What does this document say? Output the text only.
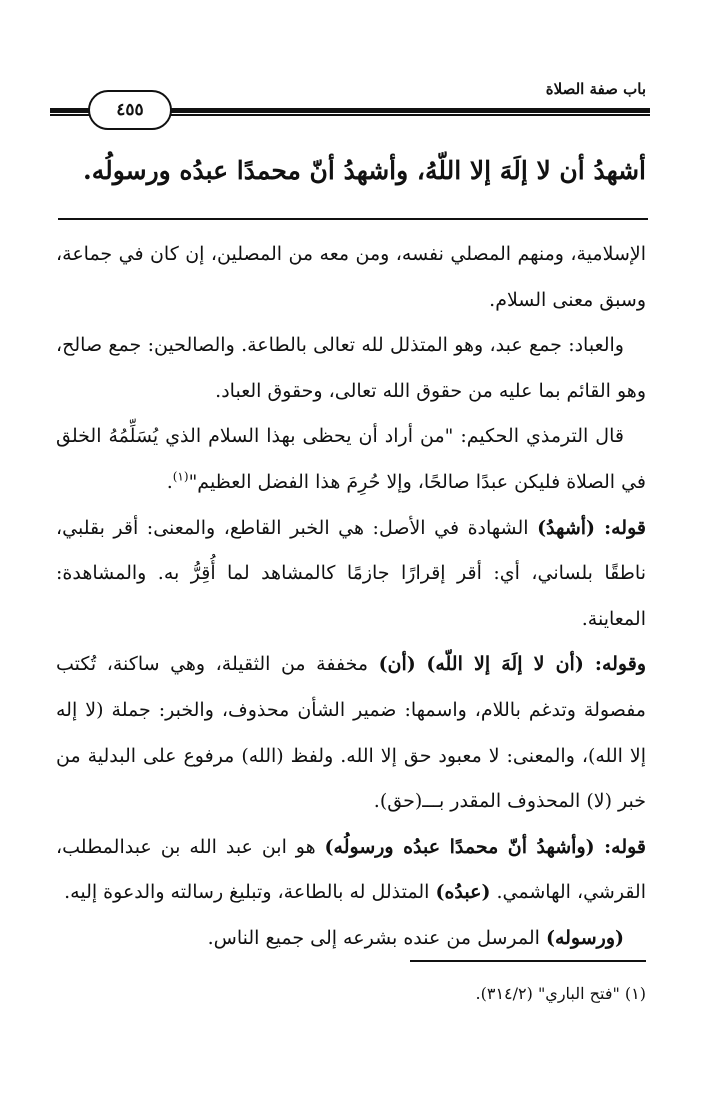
باب صفة الصلاة
٤٥٥
أشهدُ أن لا إلَهَ إلا اللّهُ، وأشهدُ أنّ محمدًا عبدُه ورسولُه.

الإسلامية، ومنهم المصلي نفسه، ومن معه من المصلين، إن كان في جماعة، وسبق معنى السلام.

والعباد: جمع عبد، وهو المتذلل لله تعالى بالطاعة. والصالحين: جمع صالح، وهو القائم بما عليه من حقوق الله تعالى، وحقوق العباد.

قال الترمذي الحكيم: "من أراد أن يحظى بهذا السلام الذي يُسَلِّمُهُ الخلق في الصلاة فليكن عبدًا صالحًا، وإلا حُرِمَ هذا الفضل العظيم"$^{(١)}$.

قوله: (أشهدُ) الشهادة في الأصل: هي الخبر القاطع، والمعنى: أقر بقلبي، ناطقًا بلساني، أي: أقر إقرارًا جازمًا كالمشاهد لما أُقِرُّ به. والمشاهدة: المعاينة.

وقوله: (أن لا إلَهَ إلا اللّه) (أن) مخففة من الثقيلة، وهي ساكنة، تُكتب مفصولة وتدغم باللام، واسمها: ضمير الشأن محذوف، والخبر: جملة (لا إله إلا الله)، والمعنى: لا معبود حق إلا الله. ولفظ (الله) مرفوع على البدلية من خبر (لا) المحذوف المقدر بـــ(حق).

قوله: (وأشهدُ أنّ محمدًا عبدُه ورسولُه) هو ابن عبد الله بن عبدالمطلب، القرشي، الهاشمي. (عبدُه) المتذلل له بالطاعة، وتبليغ رسالته والدعوة إليه.

(ورسوله) المرسل من عنده بشرعه إلى جميع الناس.

(١) "فتح الباري" (٣١٤/٢).
